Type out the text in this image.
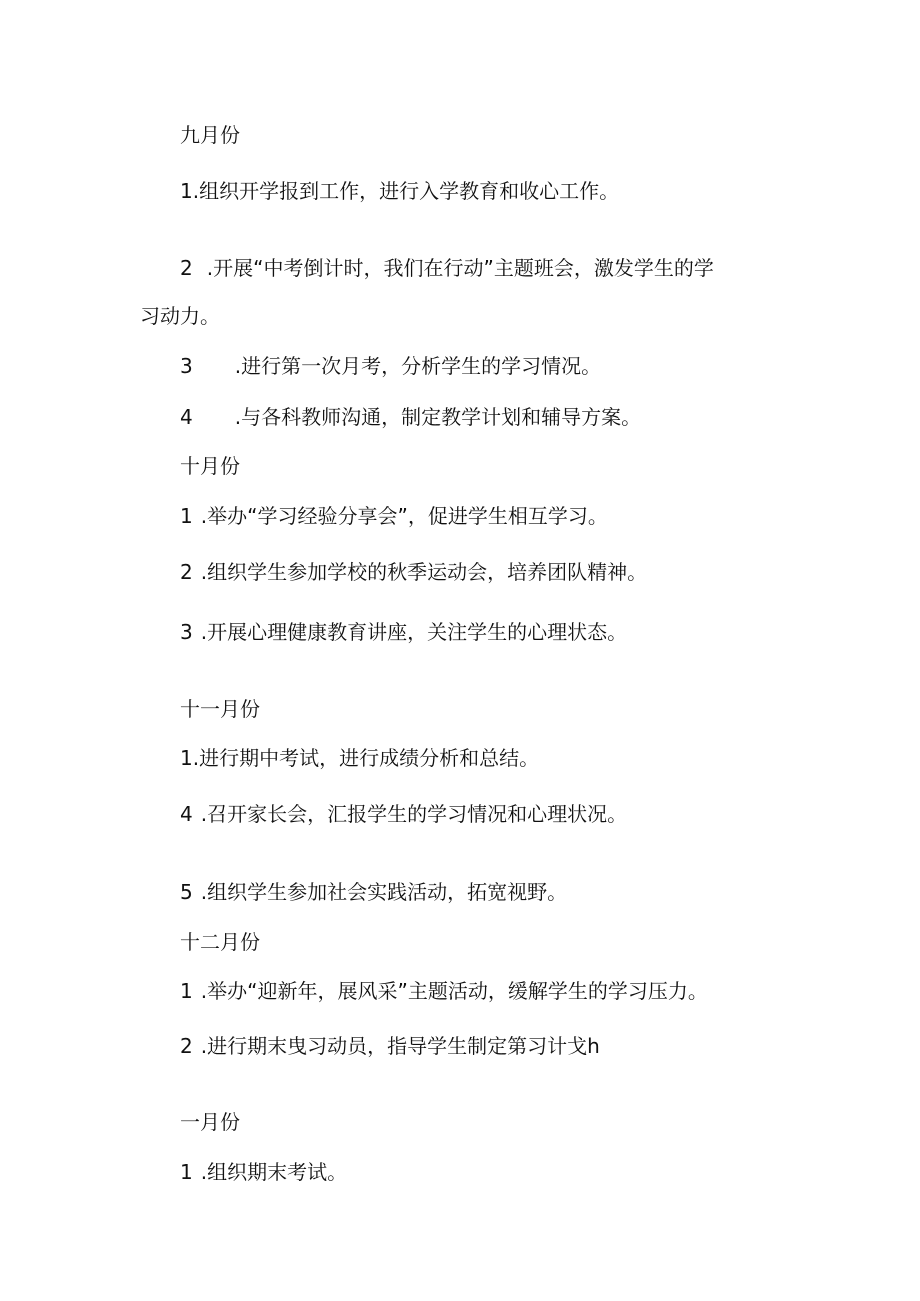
九月份
1.组织开学报到工作，进行入学教育和收心工作。
2 .开展“中考倒计时，我们在行动”主题班会，激发学生的学
习动力。
3 .进行第一次月考，分析学生的学习情况。
4 .与各科教师沟通，制定教学计划和辅导方案。
十月份
1 .举办“学习经验分享会”，促进学生相互学习。
2 .组织学生参加学校的秋季运动会，培养团队精神。
3 .开展心理健康教育讲座，关注学生的心理状态。
十一月份
1.进行期中考试，进行成绩分析和总结。
4 .召开家长会，汇报学生的学习情况和心理状况。
5 .组织学生参加社会实践活动，拓宽视野。
十二月份
1 .举办“迎新年，展风采”主题活动，缓解学生的学习压力。
2 .进行期末曳习动员，指导学生制定第习计戈h
一月份
1 .组织期末考试。
